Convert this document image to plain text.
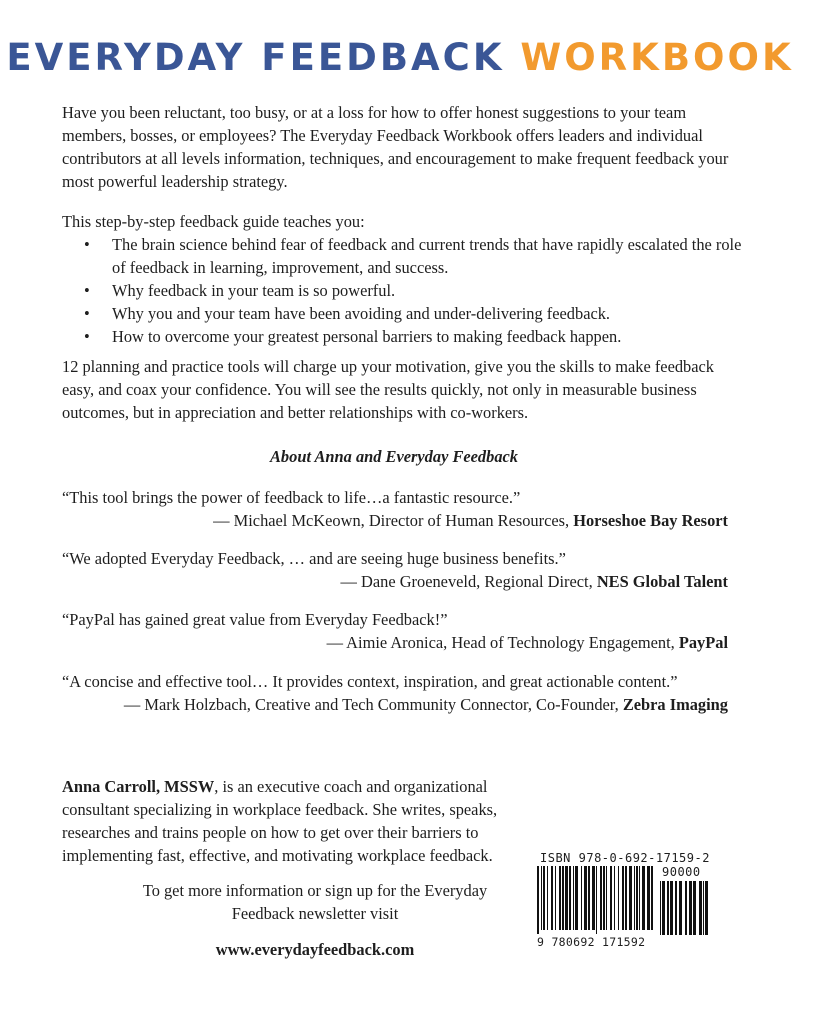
EVERYDAY FEEDBACK WORKBOOK

Have you been reluctant, too busy, or at a loss for how to offer honest suggestions to your team members, bosses, or employees? The Everyday Feedback Workbook offers leaders and individual contributors at all levels information, techniques, and encouragement to make frequent feedback your most powerful leadership strategy.

This step-by-step feedback guide teaches you:

• The brain science behind fear of feedback and current trends that have rapidly escalated the role of feedback in learning, improvement, and success.
• Why feedback in your team is so powerful.
• Why you and your team have been avoiding and under-delivering feedback.
• How to overcome your greatest personal barriers to making feedback happen.

12 planning and practice tools will charge up your motivation, give you the skills to make feedback easy, and coax your confidence. You will see the results quickly, not only in measurable business outcomes, but in appreciation and better relationships with co-workers.

About Anna and Everyday Feedback
“This tool brings the power of feedback to life…a fantastic resource.”
— Michael McKeown, Director of Human Resources, Horseshoe Bay Resort
“We adopted Everyday Feedback, … and are seeing huge business benefits.”
— Dane Groeneveld, Regional Direct, NES Global Talent
“PayPal has gained great value from Everyday Feedback!”
— Aimie Aronica, Head of Technology Engagement, PayPal
“A concise and effective tool… It provides context, inspiration, and great actionable content.”
— Mark Holzbach, Creative and Tech Community Connector, Co-Founder, Zebra Imaging

Anna Carroll, MSSW, is an executive coach and organizational consultant specializing in workplace feedback. She writes, speaks, researches and trains people on how to get over their barriers to implementing fast, effective, and motivating workplace feedback.

To get more information or sign up for the Everyday Feedback newsletter visit

www.everydayfeedback.com
ISBN 978-0-692-17159-2
90000
9 780692 171592
